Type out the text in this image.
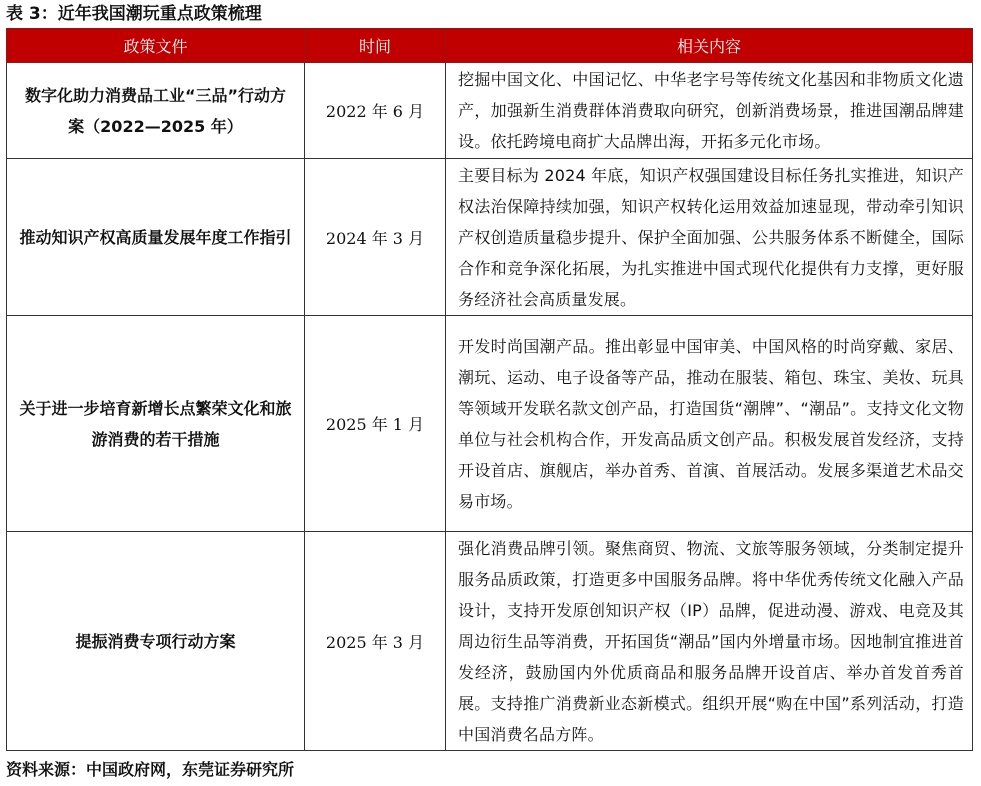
表 3：近年我国潮玩重点政策梳理
政策文件	时间	相关内容
数字化助力消费品工业“三品”行动方案（2022—2025 年）	2022 年 6 月	挖掘中国文化、中国记忆、中华老字号等传统文化基因和非物质文化遗产，加强新生消费群体消费取向研究，创新消费场景，推进国潮品牌建设。依托跨境电商扩大品牌出海，开拓多元化市场。
推动知识产权高质量发展年度工作指引	2024 年 3 月	主要目标为 2024 年底，知识产权强国建设目标任务扎实推进，知识产权法治保障持续加强，知识产权转化运用效益加速显现，带动牵引知识产权创造质量稳步提升、保护全面加强、公共服务体系不断健全，国际合作和竞争深化拓展，为扎实推进中国式现代化提供有力支撑，更好服务经济社会高质量发展。
关于进一步培育新增长点繁荣文化和旅游消费的若干措施	2025 年 1 月	开发时尚国潮产品。推出彰显中国审美、中国风格的时尚穿戴、家居、潮玩、运动、电子设备等产品，推动在服装、箱包、珠宝、美妆、玩具等领域开发联名款文创产品，打造国货“潮牌”、“潮品”。支持文化文物单位与社会机构合作，开发高品质文创产品。积极发展首发经济，支持开设首店、旗舰店，举办首秀、首演、首展活动。发展多渠道艺术品交易市场。
提振消费专项行动方案	2025 年 3 月	强化消费品牌引领。聚焦商贸、物流、文旅等服务领域，分类制定提升服务品质政策，打造更多中国服务品牌。将中华优秀传统文化融入产品设计，支持开发原创知识产权（IP）品牌，促进动漫、游戏、电竞及其周边衍生品等消费，开拓国货“潮品”国内外增量市场。因地制宜推进首发经济，鼓励国内外优质商品和服务品牌开设首店、举办首发首秀首展。支持推广消费新业态新模式。组织开展“购在中国”系列活动，打造中国消费名品方阵。
资料来源：中国政府网，东莞证券研究所
